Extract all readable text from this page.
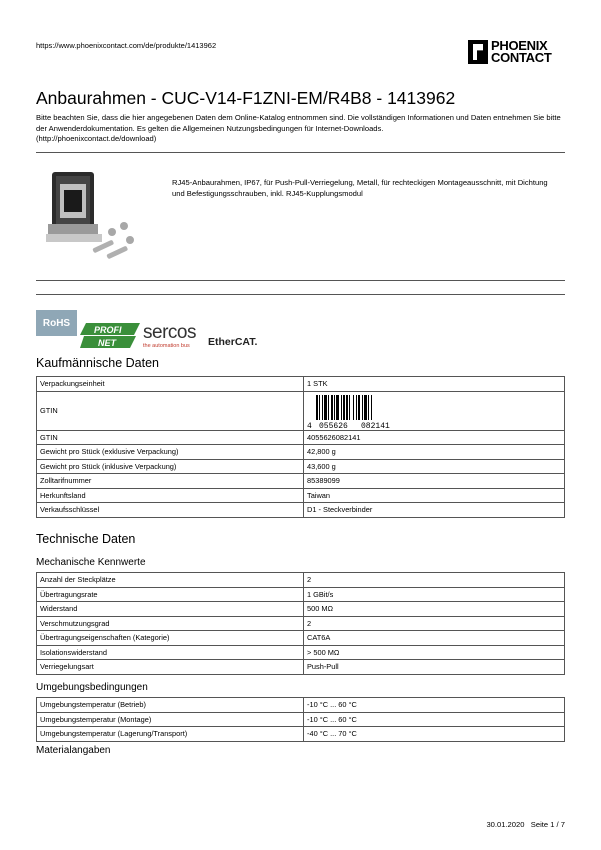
https://www.phoenixcontact.com/de/produkte/1413962	PHOENIX
CONTACT
Anbaurahmen - CUC-V14-F1ZNI-EM/R4B8 - 1413962
Bitte beachten Sie, dass die hier angegebenen Daten dem Online-Katalog entnommen sind. Die vollständigen Informationen und Daten entnehmen Sie bitte der Anwenderdokumentation. Es gelten die Allgemeinen Nutzungsbedingungen für Internet-Downloads.
(http://phoenixcontact.de/download)
RJ45-Anbaurahmen, IP67, für Push-Pull-Verriegelung, Metall, für rechteckigen Montageausschnitt, mit Dichtung und Befestigungsschrauben, inkl. RJ45-Kupplungsmodul
RoHS
PROFI
NET sercos
the automation bus EtherCAT.
Kaufmännische Daten
Verpackungseinheit	1 STK
GTIN	4 055626 082141

GTIN	4055626082141
Gewicht pro Stück (exklusive Verpackung)	42,800 g
Gewicht pro Stück (inklusive Verpackung)	43,600 g
Zolltarifnummer	85389099
Herkunftsland	Taiwan
Verkaufsschlüssel	D1 - Steckverbinder
Technische Daten
Mechanische Kennwerte
Anzahl der Steckplätze	2
Übertragungsrate	1 GBit/s
Widerstand	500 MΩ
Verschmutzungsgrad	2
Übertragungseigenschaften (Kategorie)	CAT6A
Isolationswiderstand	> 500 MΩ
Verriegelungsart	Push-Pull
Umgebungsbedingungen
Umgebungstemperatur (Betrieb)	-10 °C ... 60 °C
Umgebungstemperatur (Montage)	-10 °C ... 60 °C
Umgebungstemperatur (Lagerung/Transport)	-40 °C ... 70 °C
Materialangaben
30.01.2020 Seite 1 / 7
